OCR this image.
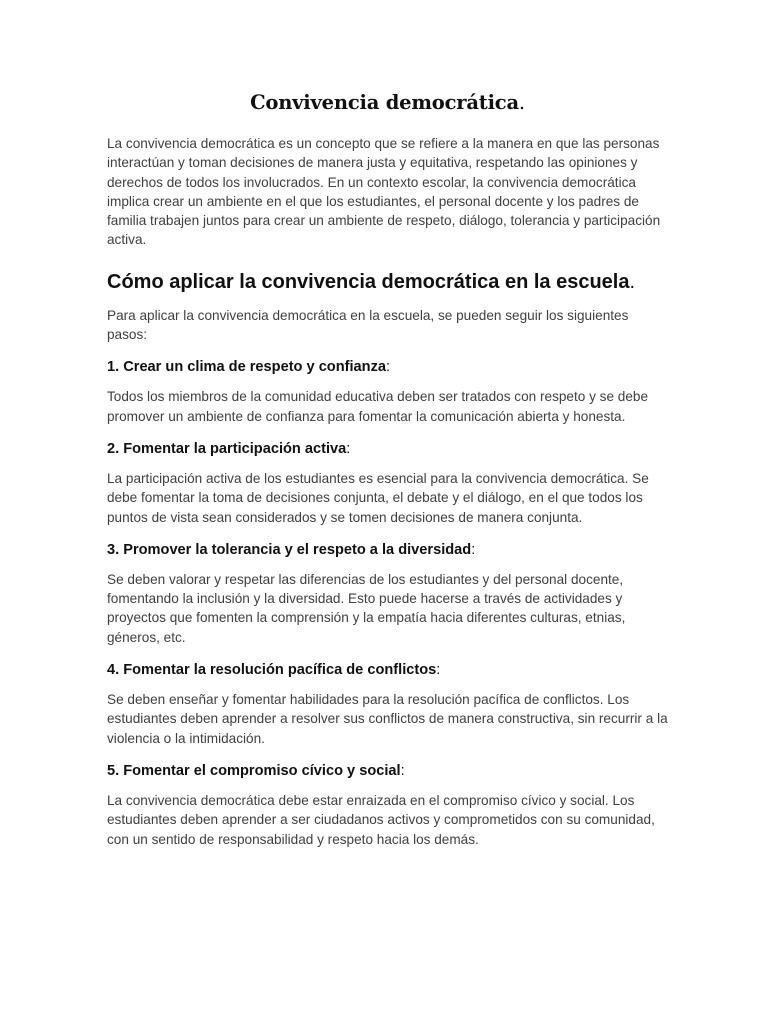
Convivencia democrática.

La convivencia democrática es un concepto que se refiere a la manera en que las personas interactúan y toman decisiones de manera justa y equitativa, respetando las opiniones y derechos de todos los involucrados. En un contexto escolar, la convivencia democrática implica crear un ambiente en el que los estudiantes, el personal docente y los padres de familia trabajen juntos para crear un ambiente de respeto, diálogo, tolerancia y participación activa.

Cómo aplicar la convivencia democrática en la escuela.

Para aplicar la convivencia democrática en la escuela, se pueden seguir los siguientes pasos:

1. Crear un clima de respeto y confianza:

Todos los miembros de la comunidad educativa deben ser tratados con respeto y se debe promover un ambiente de confianza para fomentar la comunicación abierta y honesta.

2. Fomentar la participación activa:

La participación activa de los estudiantes es esencial para la convivencia democrática. Se debe fomentar la toma de decisiones conjunta, el debate y el diálogo, en el que todos los puntos de vista sean considerados y se tomen decisiones de manera conjunta.

3. Promover la tolerancia y el respeto a la diversidad:

Se deben valorar y respetar las diferencias de los estudiantes y del personal docente, fomentando la inclusión y la diversidad. Esto puede hacerse a través de actividades y proyectos que fomenten la comprensión y la empatía hacia diferentes culturas, etnias, géneros, etc.

4. Fomentar la resolución pacífica de conflictos:

Se deben enseñar y fomentar habilidades para la resolución pacífica de conflictos. Los estudiantes deben aprender a resolver sus conflictos de manera constructiva, sin recurrir a la violencia o la intimidación.

5. Fomentar el compromiso cívico y social:

La convivencia democrática debe estar enraizada en el compromiso cívico y social. Los estudiantes deben aprender a ser ciudadanos activos y comprometidos con su comunidad, con un sentido de responsabilidad y respeto hacia los demás.
